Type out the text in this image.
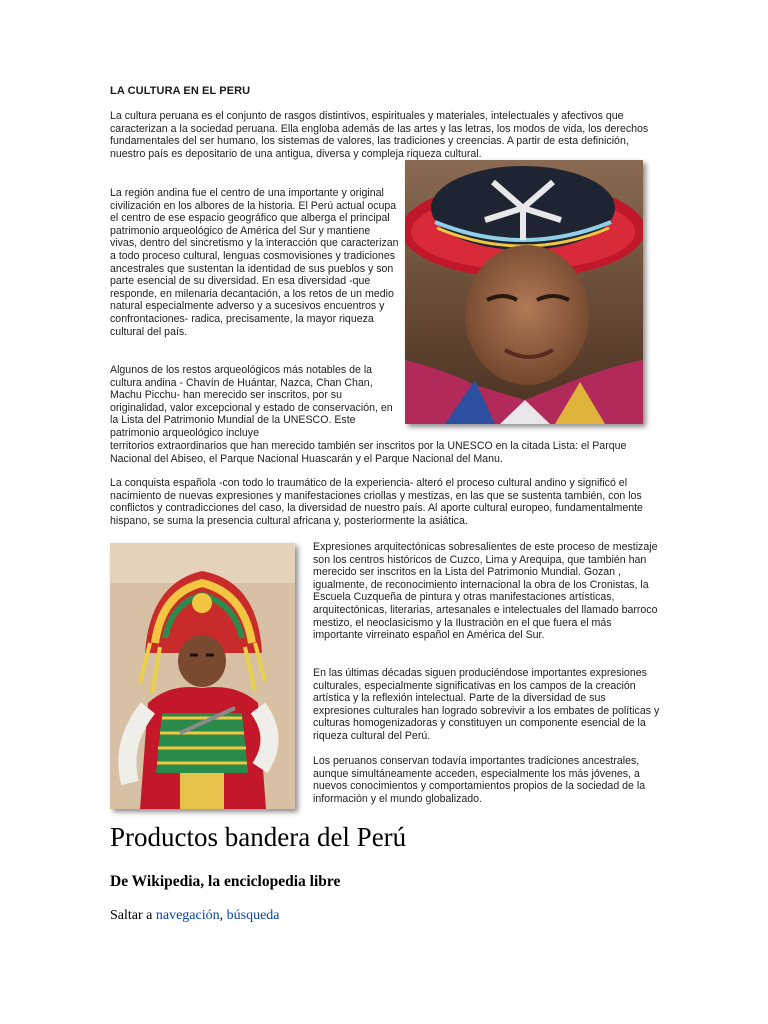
LA CULTURA EN EL PERU

La cultura peruana es el conjunto de rasgos distintivos, espirituales y materiales, intelectuales y afectivos que caracterizan a la sociedad peruana. Ella engloba además de las artes y las letras, los modos de vida, los derechos fundamentales del ser humano, los sistemas de valores, las tradiciones y creencias. A partir de esta definición, nuestro país es depositario de una antigua, diversa y compleja riqueza cultural.

La región andina fue el centro de una importante y original civilización en los albores de la historia. El Perú actual ocupa el centro de ese espacio geográfico que alberga el principal patrimonio arqueológico de América del Sur y mantiene vivas, dentro del sincretismo y la interacción que caracterizan a todo proceso cultural, lenguas cosmovisiones y tradiciones ancestrales que sustentan la identidad de sus pueblos y son parte esencial de su diversidad. En esa diversidad -que responde, en milenaria decantación, a los retos de un medio natural especialmente adverso y a sucesivos encuentros y confrontaciones- radica, precisamente, la mayor riqueza cultural del país.

Algunos de los restos arqueológicos más notables de la cultura andina - Chavín de Huántar, Nazca, Chan Chan, Machu Picchu- han merecido ser inscritos, por su originalidad, valor excepcional y estado de conservación, en la Lista del Patrimonio Mundial de la UNESCO. Este patrimonio arqueológico incluye

territorios extraordinarios que han merecido también ser inscritos por la UNESCO en la citada Lista: el Parque Nacional del Abiseo, el Parque Nacional Huascarán y el Parque Nacional del Manu.

La conquista española -con todo lo traumático de la experiencia- alteró el proceso cultural andino y significó el nacimiento de nuevas expresiones y manifestaciones criollas y mestizas, en las que se sustenta también, con los conflictos y contradicciones del caso, la diversidad de nuestro país. Al aporte cultural europeo, fundamentalmente hispano, se suma la presencia cultural africana y, posteriormente la asiática.

Expresiones arquitectónicas sobresalientes de este proceso de mestizaje son los centros históricos de Cuzco, Lima y Arequipa, que también han merecido ser inscritos en la Lista del Patrimonio Mundial. Gozan , igualmente, de reconocimiento internacional la obra de los Cronistas, la Escuela Cuzqueña de pintura y otras manifestaciones artísticas, arquitectónicas, literarias, artesanales e intelectuales del llamado barroco mestizo, el neoclasicismo y la Ilustración en el que fuera el más importante virreinato español en América del Sur.

En las últimas décadas siguen produciéndose importantes expresiones culturales, especialmente significativas en los campos de la creación artística y la reflexión intelectual. Parte de la diversidad de sus expresiones culturales han logrado sobrevivir a los embates de políticas y culturas homogenizadoras y constituyen un componente esencial de la riqueza cultural del Perú.

Los peruanos conservan todavía importantes tradiciones ancestrales, aunque simultáneamente acceden, especialmente los más jóvenes, a nuevos conocimientos y comportamientos propios de la sociedad de la información y el mundo globalizado.

Productos bandera del Perú
De Wikipedia, la enciclopedia libre
Saltar a navegación, búsqueda
